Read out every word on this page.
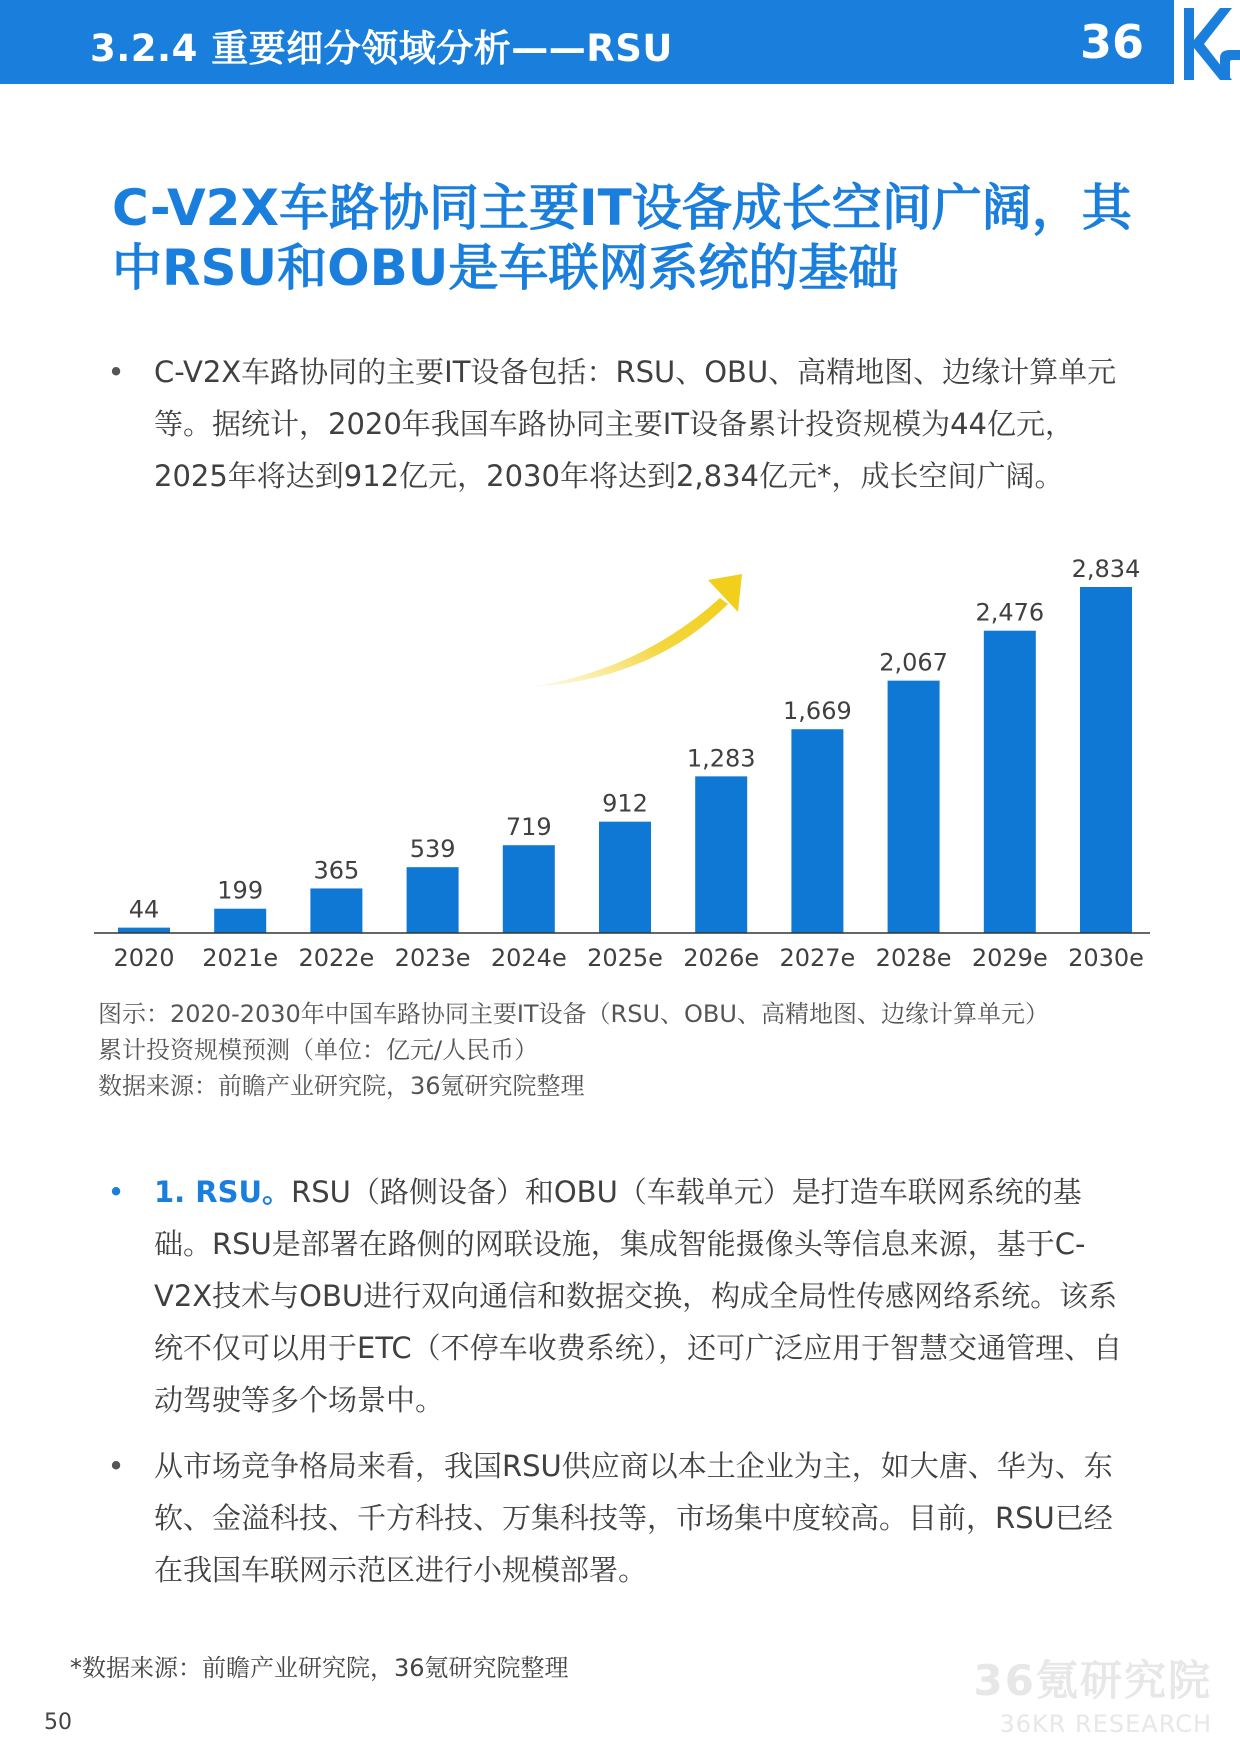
3.2.4 重要细分领域分析——RSU	36
C-V2X车路协同主要IT设备成长空间广阔，其
中RSU和OBU是车联网系统的基础
• C-V2X车路协同的主要IT设备包括：RSU、OBU、高精地图、边缘计算单元等。据统计，2020年我国车路协同主要IT设备累计投资规模为44亿元，2025年将达到912亿元，2030年将达到2,834亿元*，成长空间广阔。
44
199
365
539
719
912
1,283
1,669
2,067
2,476
2,834
2020 2021e 2022e 2023e 2024e 2025e 2026e 2027e 2028e 2029e 2030e
图示：2020-2030年中国车路协同主要IT设备（RSU、OBU、高精地图、边缘计算单元）
累计投资规模预测（单位：亿元/人民币）
数据来源：前瞻产业研究院，36氪研究院整理
• 1. RSU。RSU（路侧设备）和OBU（车载单元）是打造车联网系统的基础。RSU是部署在路侧的网联设施，集成智能摄像头等信息来源，基于C-V2X技术与OBU进行双向通信和数据交换，构成全局性传感网络系统。该系统不仅可以用于ETC（不停车收费系统），还可广泛应用于智慧交通管理、自动驾驶等多个场景中。
• 从市场竞争格局来看，我国RSU供应商以本土企业为主，如大唐、华为、东软、金溢科技、千方科技、万集科技等，市场集中度较高。目前，RSU已经在我国车联网示范区进行小规模部署。
*数据来源：前瞻产业研究院，36氪研究院整理
50
36氪研究院
36KR RESEARCH
